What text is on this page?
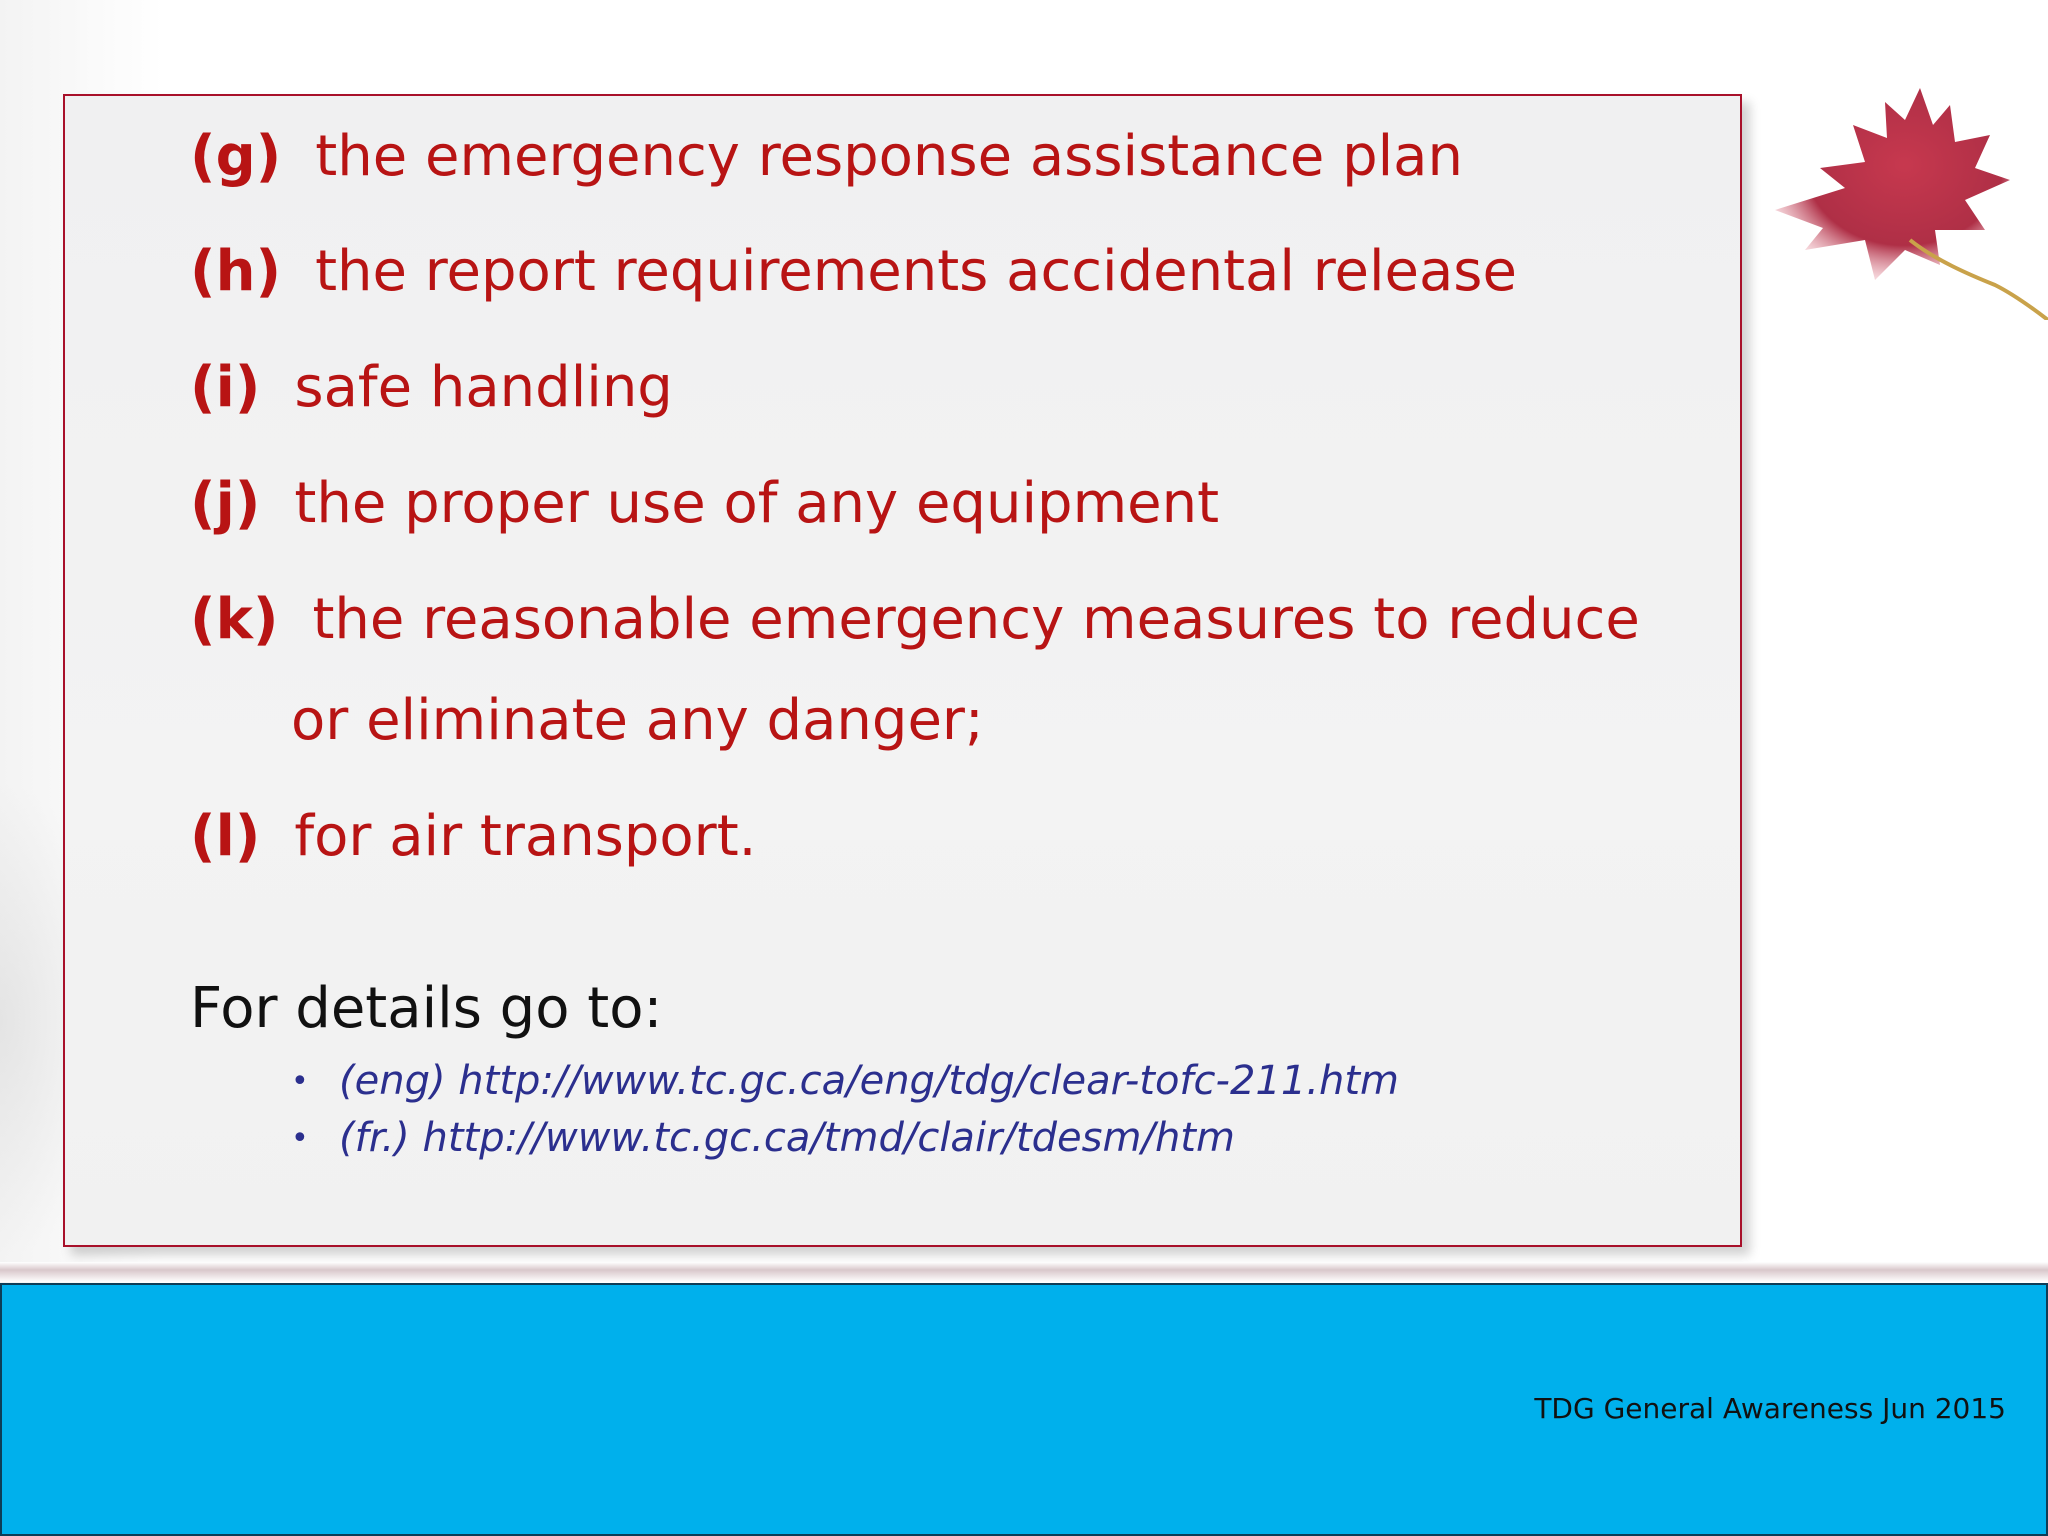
(g) the emergency response assistance plan
(h) the report requirements accidental release
(i) safe handling
(j) the proper use of any equipment
(k) the reasonable emergency measures to reduce
or eliminate any danger;
(l) for air transport.
For details go to:
• (eng) http://www.tc.gc.ca/eng/tdg/clear-tofc-211.htm
• (fr.) http://www.tc.gc.ca/tmd/clair/tdesm/htm
TDG General Awareness Jun 2015
